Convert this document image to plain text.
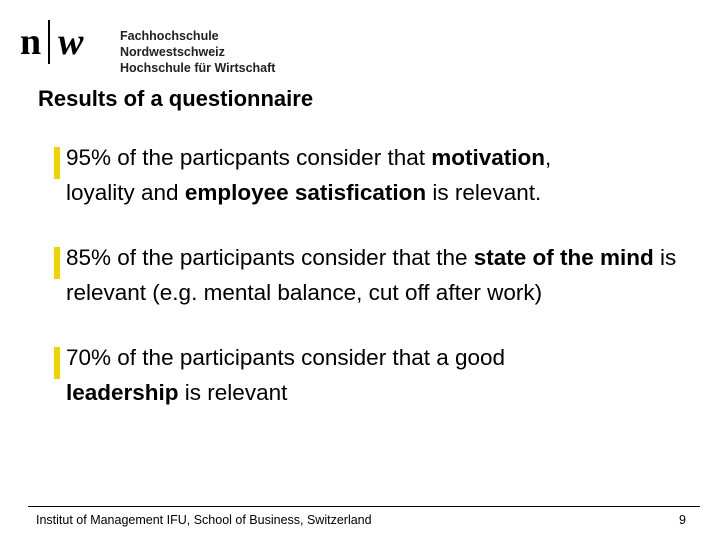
n w	Fachhochschule Nordwestschweiz
Hochschule für Wirtschaft
Results of a questionnaire
95% of the particpants consider that motivation,
loyality and employee satisfication is relevant.
85% of the participants consider that the state of the mind is relevant (e.g. mental balance, cut off after work)
70% of the participants consider that a good
leadership is relevant
Institut of Management IFU, School of Business, Switzerland	9
